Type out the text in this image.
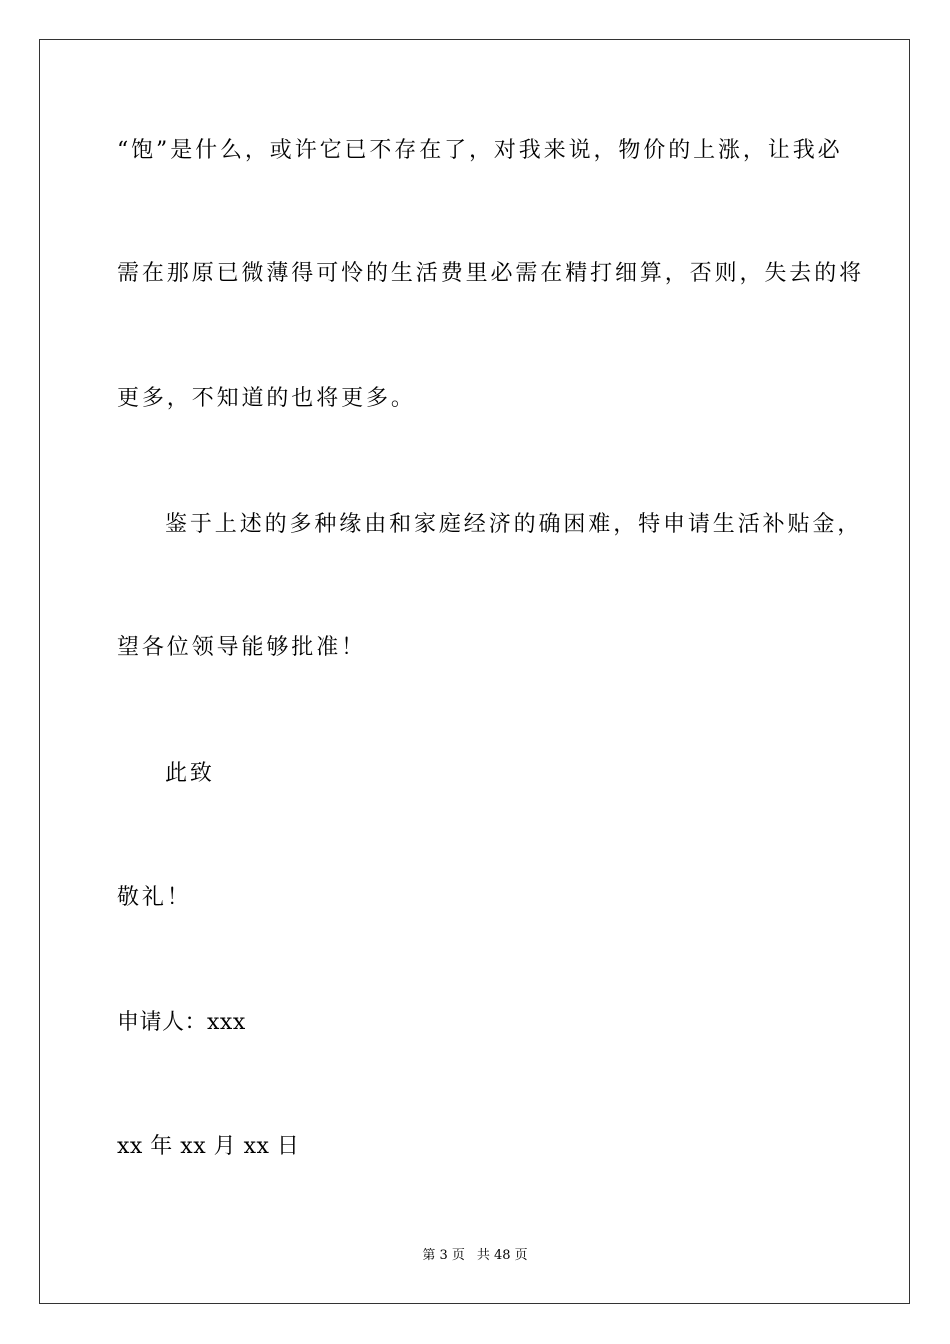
“饱”是什么，或许它已不存在了，对我来说，物价的上涨，让我必
需在那原已微薄得可怜的生活费里必需在精打细算，否则，失去的将
更多，不知道的也将更多。
鉴于上述的多种缘由和家庭经济的确困难，特申请生活补贴金，
望各位领导能够批准！
此致
敬礼！
申请人：xxx
xx 年 xx 月 xx 日
第 3 页 共 48 页
